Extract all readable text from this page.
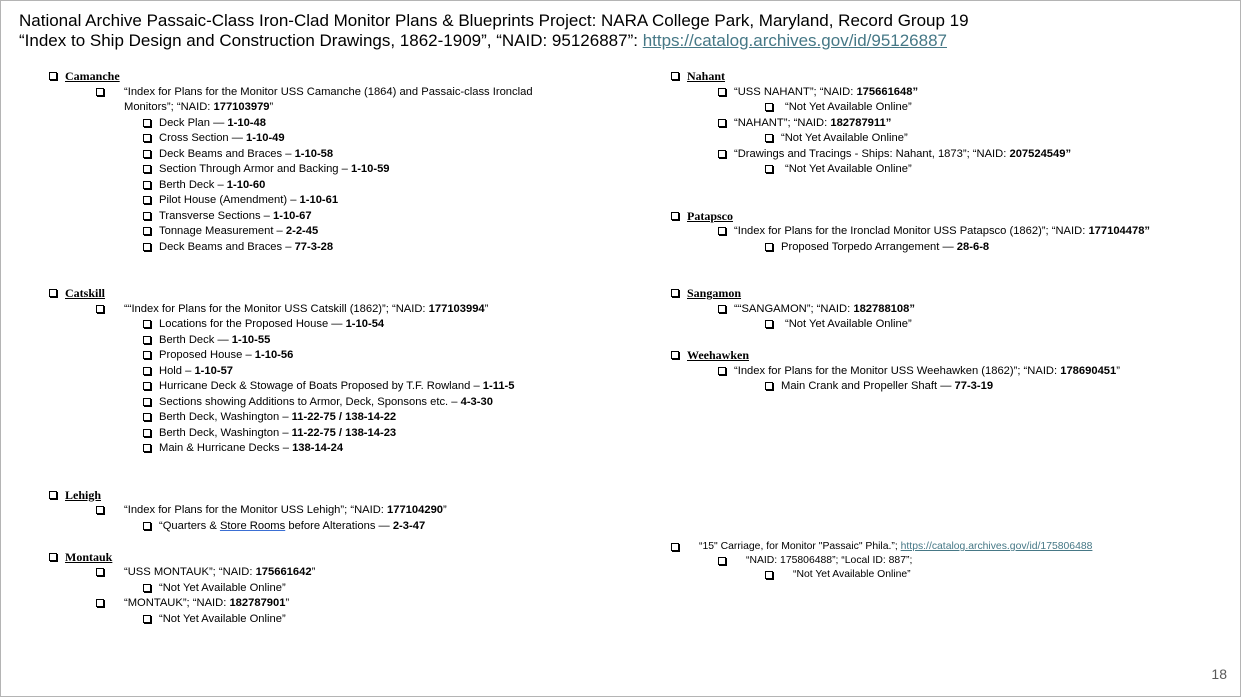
National Archive Passaic-Class Iron-Clad Monitor Plans & Blueprints Project: NARA College Park, Maryland, Record Group 19
“Index to Ship Design and Construction Drawings, 1862-1909”, “NAID: 95126887”: https://catalog.archives.gov/id/95126887
Camanche
“Index for Plans for the Monitor USS Camanche (1864) and Passaic-class Ironclad Monitors”; “NAID: 177103979”
Deck Plan — 1-10-48
Cross Section — 1-10-49
Deck Beams and Braces – 1-10-58
Section Through Armor and Backing – 1-10-59
Berth Deck – 1-10-60
Pilot House (Amendment) – 1-10-61
Transverse Sections – 1-10-67
Tonnage Measurement – 2-2-45
Deck Beams and Braces – 77-3-28
Catskill
““Index for Plans for the Monitor USS Catskill (1862)”; “NAID: 177103994”
Locations for the Proposed House — 1-10-54
Berth Deck — 1-10-55
Proposed House – 1-10-56
Hold – 1-10-57
Hurricane Deck & Stowage of Boats Proposed by T.F. Rowland – 1-11-5
Sections showing Additions to Armor, Deck, Sponsons etc. – 4-3-30
Berth Deck, Washington – 11-22-75 / 138-14-22
Berth Deck, Washington – 11-22-75 / 138-14-23
Main & Hurricane Decks – 138-14-24
Lehigh
“Index for Plans for the Monitor USS Lehigh”; “NAID: 177104290”
“Quarters & Store Rooms before Alterations — 2-3-47
Montauk
“USS MONTAUK”; “NAID: 175661642”
“Not Yet Available Online”
“MONTAUK”; “NAID: 182787901”
“Not Yet Available Online”
Nahant
“USS NAHANT”; “NAID: 175661648”
“Not Yet Available Online”
“NAHANT”; “NAID: 182787911”
“Not Yet Available Online”
“Drawings and Tracings - Ships: Nahant, 1873”; “NAID: 207524549”
“Not Yet Available Online”
Patapsco
“Index for Plans for the Ironclad Monitor USS Patapsco (1862)”; “NAID: 177104478”
Proposed Torpedo Arrangement — 28-6-8
Sangamon
““SANGAMON”; “NAID: 182788108”
“Not Yet Available Online”
Weehawken
“Index for Plans for the Monitor USS Weehawken (1862)”; “NAID: 178690451”
Main Crank and Propeller Shaft — 77-3-19
“15" Carriage, for Monitor "Passaic" Phila.”; https://catalog.archives.gov/id/175806488
“NAID: 175806488”; “Local ID: 887”;
“Not Yet Available Online”
18
